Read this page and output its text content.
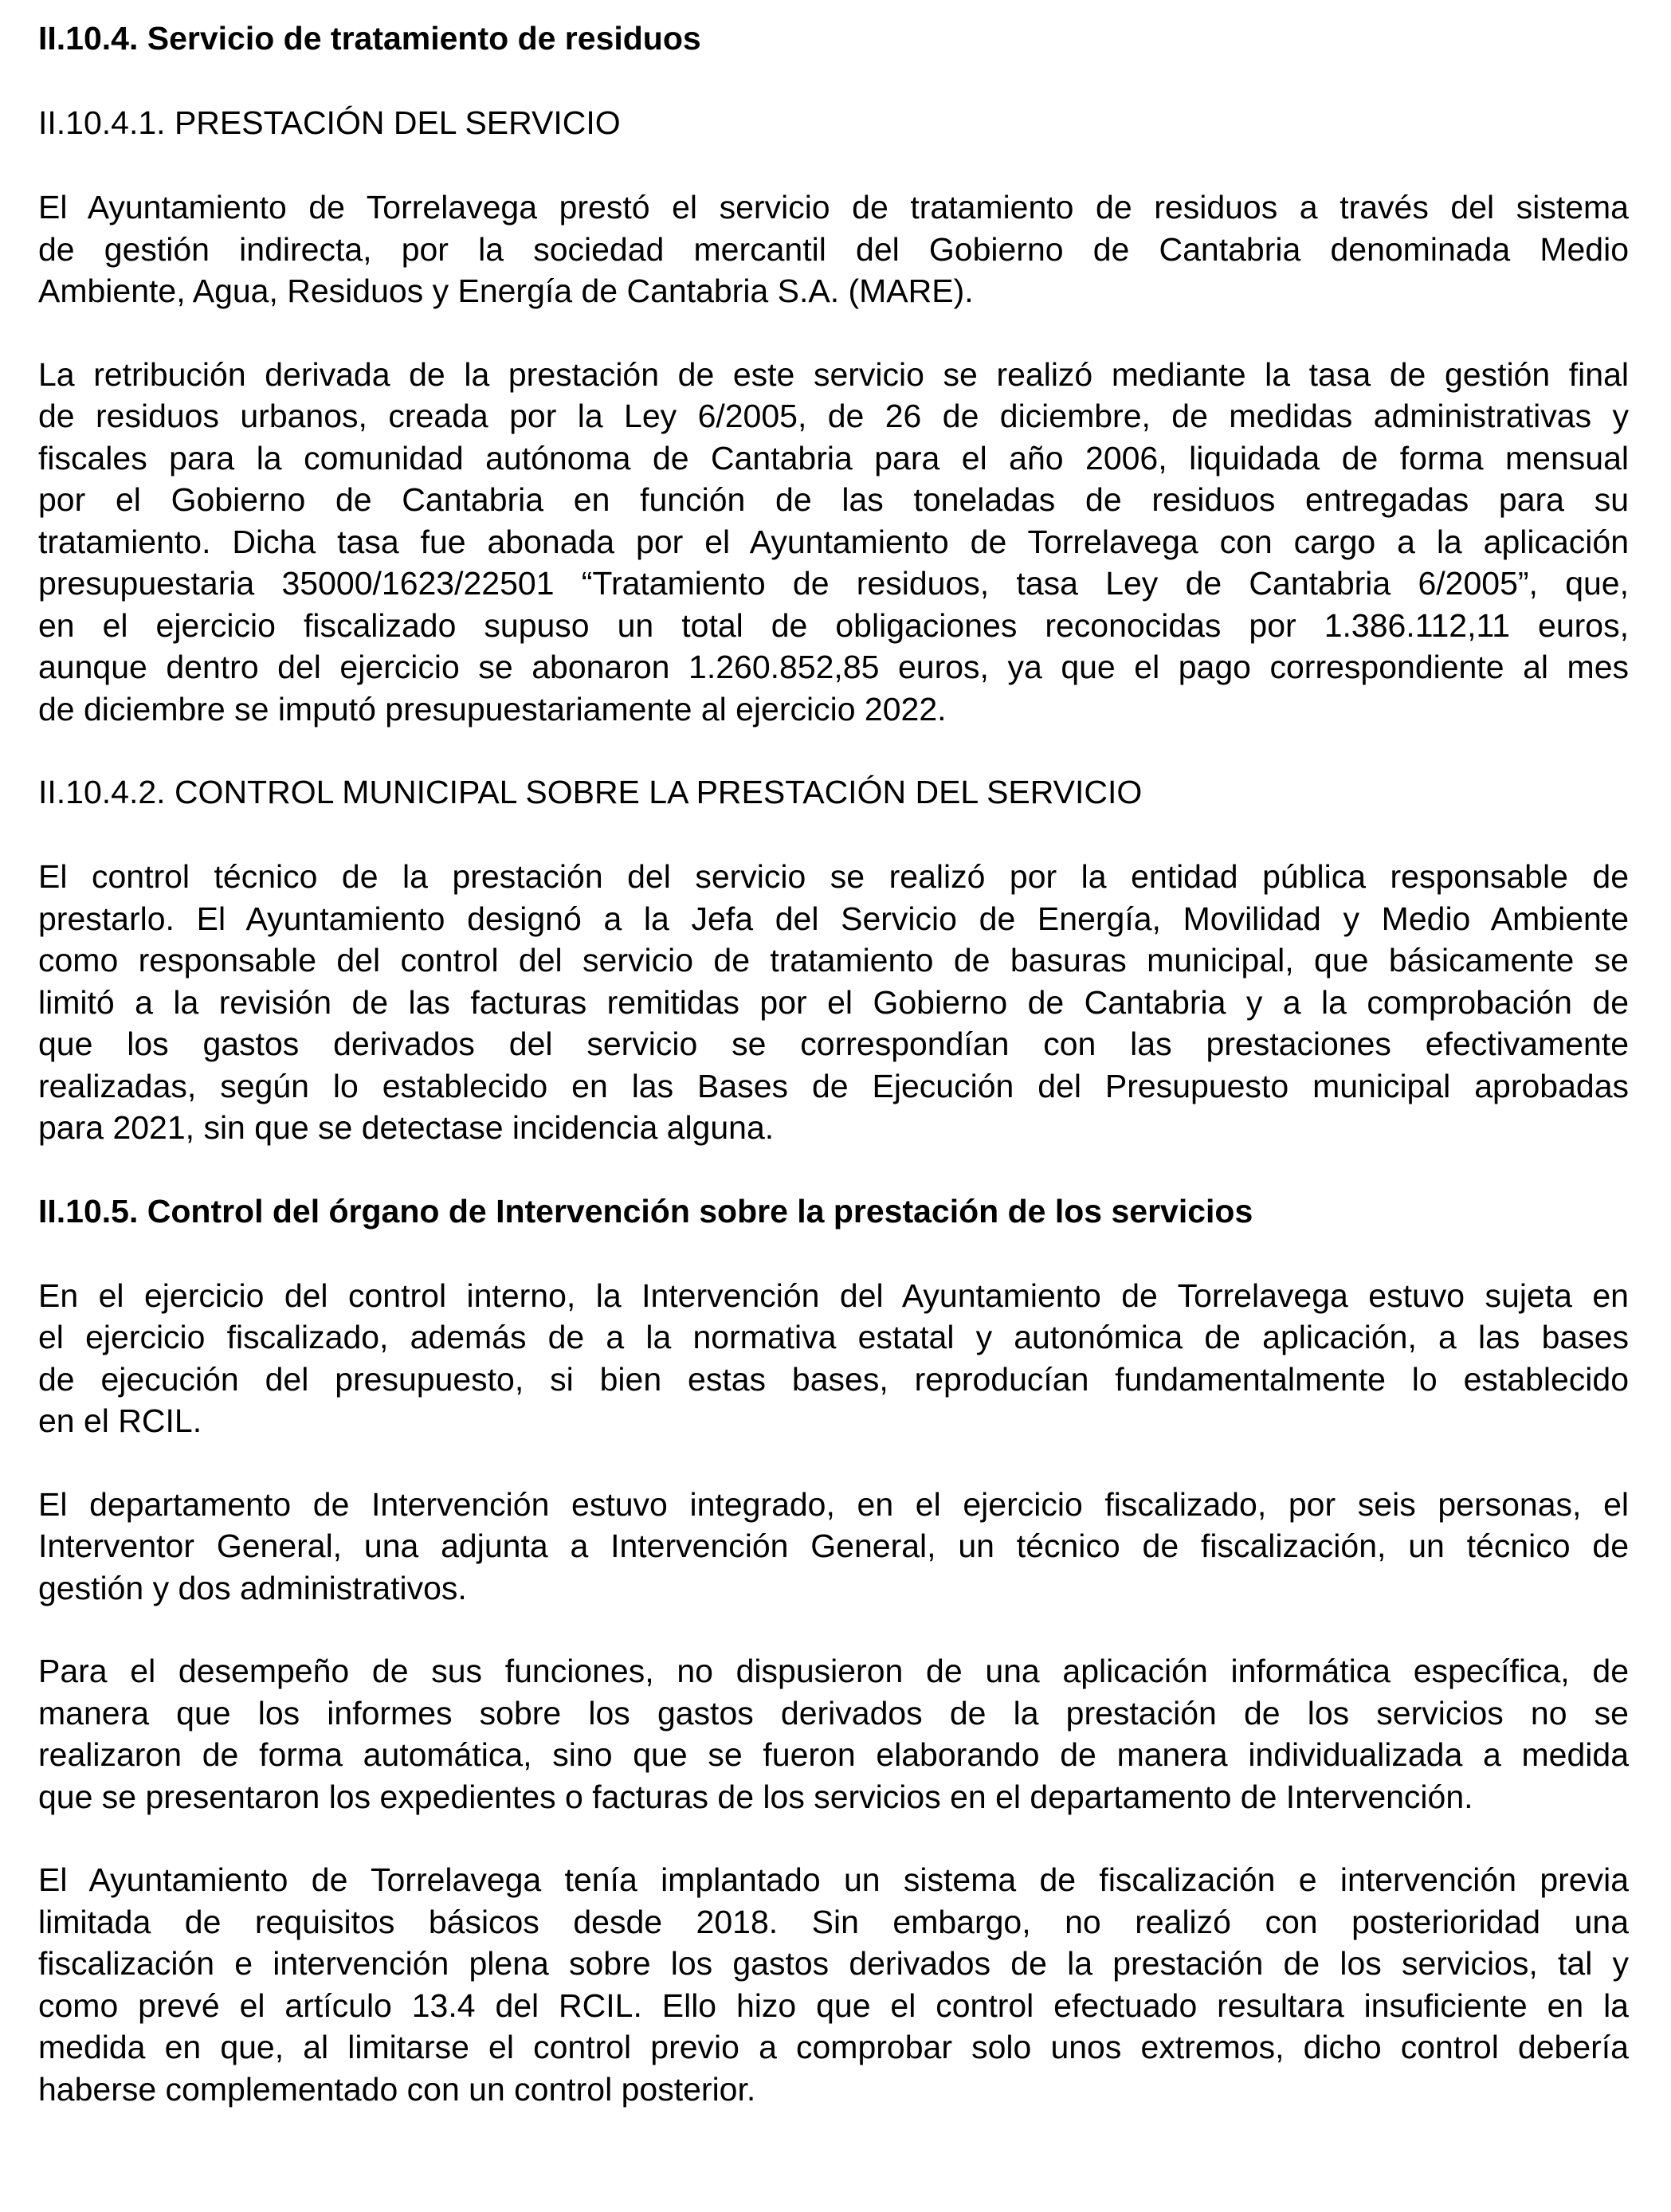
II.10.4. Servicio de tratamiento de residuos
II.10.4.1. PRESTACIÓN DEL SERVICIO
El Ayuntamiento de Torrelavega prestó el servicio de tratamiento de residuos a través del sistema
de gestión indirecta, por la sociedad mercantil del Gobierno de Cantabria denominada Medio
Ambiente, Agua, Residuos y Energía de Cantabria S.A. (MARE).
La retribución derivada de la prestación de este servicio se realizó mediante la tasa de gestión final
de residuos urbanos, creada por la Ley 6/2005, de 26 de diciembre, de medidas administrativas y
fiscales para la comunidad autónoma de Cantabria para el año 2006, liquidada de forma mensual
por el Gobierno de Cantabria en función de las toneladas de residuos entregadas para su
tratamiento. Dicha tasa fue abonada por el Ayuntamiento de Torrelavega con cargo a la aplicación
presupuestaria 35000/1623/22501 “Tratamiento de residuos, tasa Ley de Cantabria 6/2005”, que,
en el ejercicio fiscalizado supuso un total de obligaciones reconocidas por 1.386.112,11 euros,
aunque dentro del ejercicio se abonaron 1.260.852,85 euros, ya que el pago correspondiente al mes
de diciembre se imputó presupuestariamente al ejercicio 2022.
II.10.4.2. CONTROL MUNICIPAL SOBRE LA PRESTACIÓN DEL SERVICIO
El control técnico de la prestación del servicio se realizó por la entidad pública responsable de
prestarlo. El Ayuntamiento designó a la Jefa del Servicio de Energía, Movilidad y Medio Ambiente
como responsable del control del servicio de tratamiento de basuras municipal, que básicamente se
limitó a la revisión de las facturas remitidas por el Gobierno de Cantabria y a la comprobación de
que los gastos derivados del servicio se correspondían con las prestaciones efectivamente
realizadas, según lo establecido en las Bases de Ejecución del Presupuesto municipal aprobadas
para 2021, sin que se detectase incidencia alguna.
II.10.5. Control del órgano de Intervención sobre la prestación de los servicios
En el ejercicio del control interno, la Intervención del Ayuntamiento de Torrelavega estuvo sujeta en
el ejercicio fiscalizado, además de a la normativa estatal y autonómica de aplicación, a las bases
de ejecución del presupuesto, si bien estas bases, reproducían fundamentalmente lo establecido
en el RCIL.
El departamento de Intervención estuvo integrado, en el ejercicio fiscalizado, por seis personas, el
Interventor General, una adjunta a Intervención General, un técnico de fiscalización, un técnico de
gestión y dos administrativos.
Para el desempeño de sus funciones, no dispusieron de una aplicación informática específica, de
manera que los informes sobre los gastos derivados de la prestación de los servicios no se
realizaron de forma automática, sino que se fueron elaborando de manera individualizada a medida
que se presentaron los expedientes o facturas de los servicios en el departamento de Intervención.
El Ayuntamiento de Torrelavega tenía implantado un sistema de fiscalización e intervención previa
limitada de requisitos básicos desde 2018. Sin embargo, no realizó con posterioridad una
fiscalización e intervención plena sobre los gastos derivados de la prestación de los servicios, tal y
como prevé el artículo 13.4 del RCIL. Ello hizo que el control efectuado resultara insuficiente en la
medida en que, al limitarse el control previo a comprobar solo unos extremos, dicho control debería
haberse complementado con un control posterior.
